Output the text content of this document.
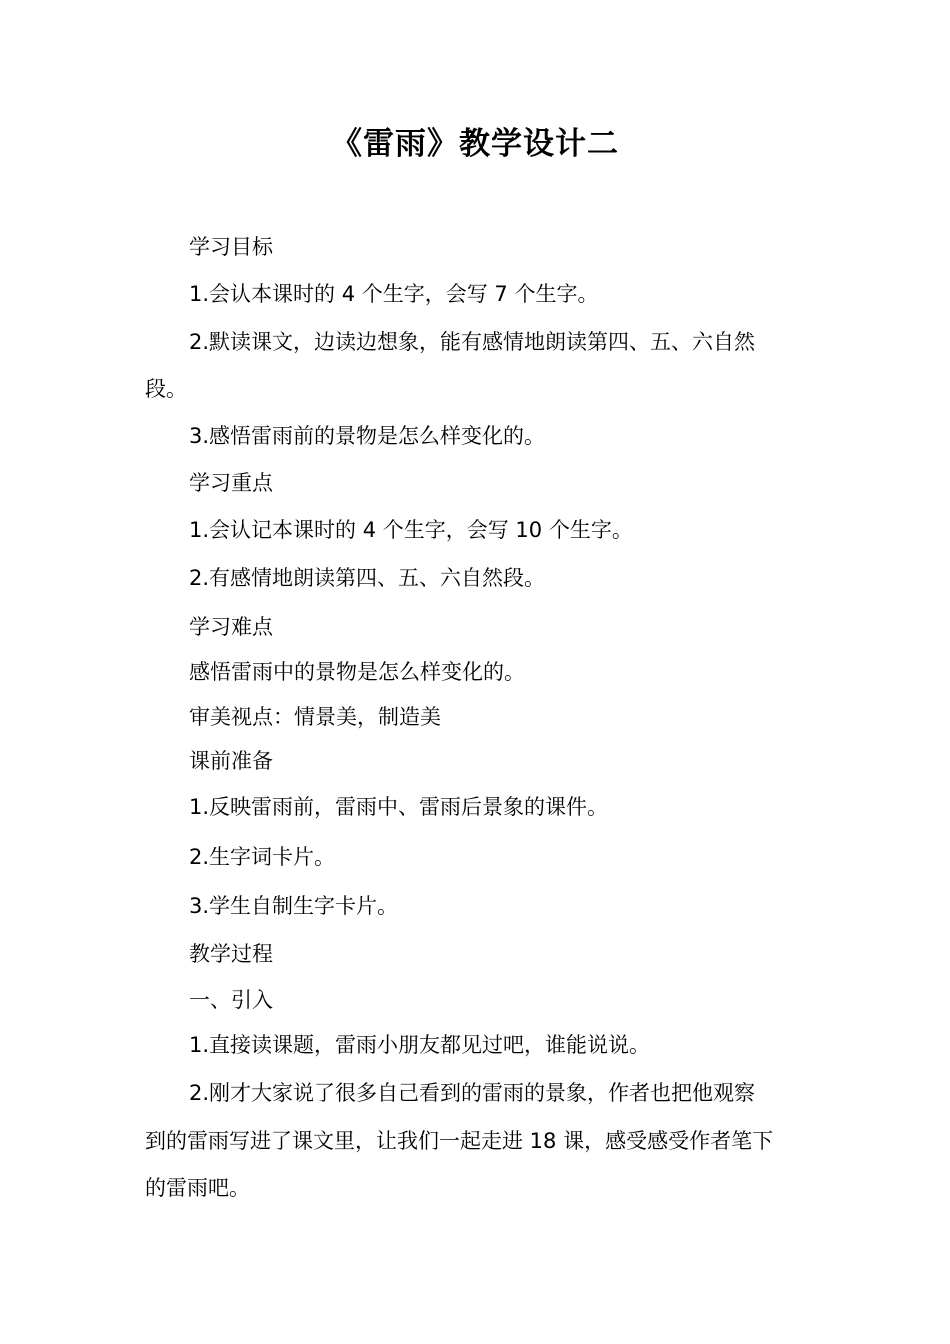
《雷雨》教学设计二
学习目标
1.会认本课时的 4 个生字，会写 7 个生字。
2.默读课文，边读边想象，能有感情地朗读第四、五、六自然
段。
3.感悟雷雨前的景物是怎么样变化的。
学习重点
1.会认记本课时的 4 个生字，会写 10 个生字。
2.有感情地朗读第四、五、六自然段。
学习难点
感悟雷雨中的景物是怎么样变化的。
审美视点：情景美，制造美
课前准备
1.反映雷雨前，雷雨中、雷雨后景象的课件。
2.生字词卡片。
3.学生自制生字卡片。
教学过程
一、引入
1.直接读课题，雷雨小朋友都见过吧，谁能说说。
2.刚才大家说了很多自己看到的雷雨的景象，作者也把他观察
到的雷雨写进了课文里，让我们一起走进 18 课，感受感受作者笔下
的雷雨吧。
